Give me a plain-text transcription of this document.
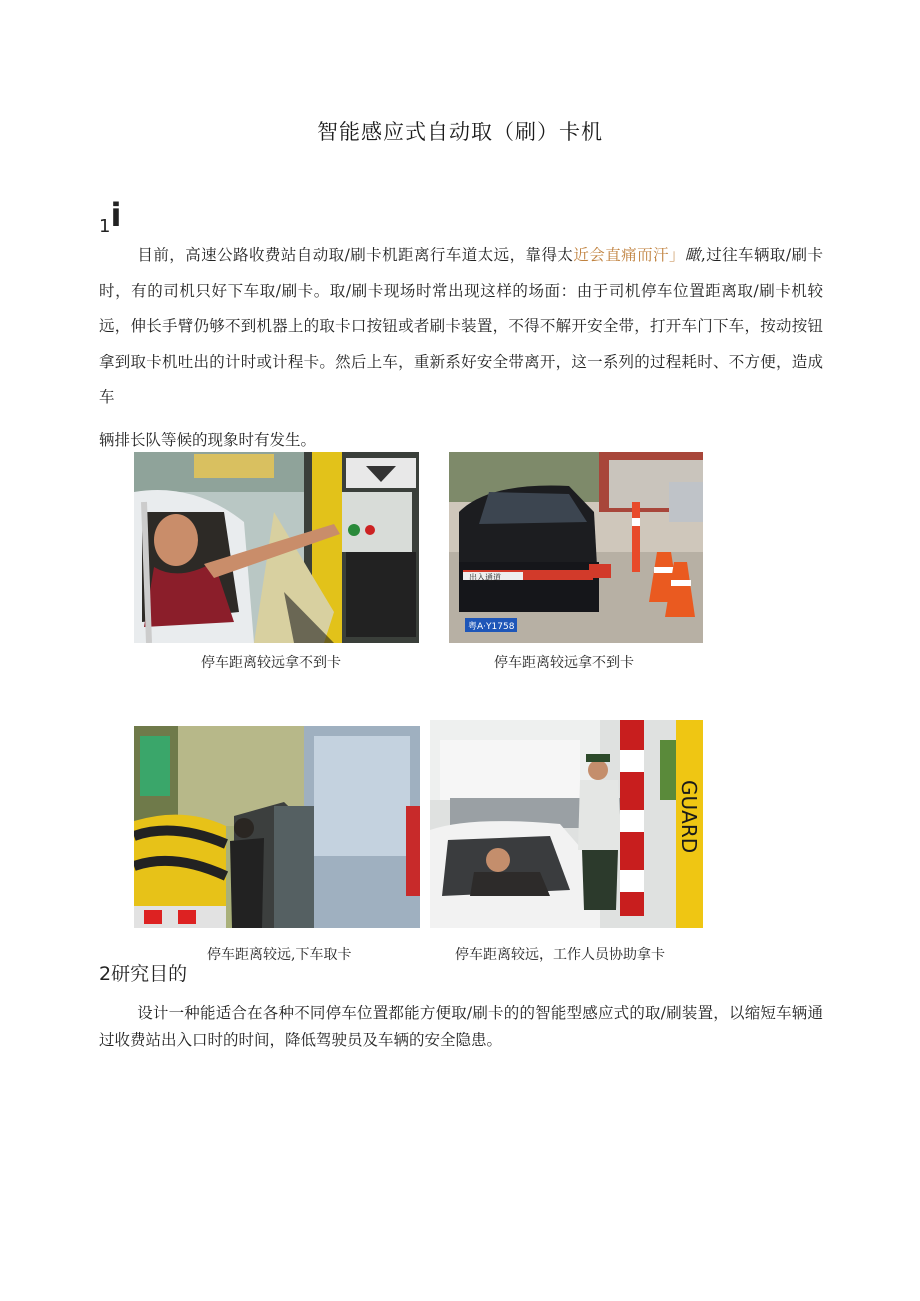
智能感应式自动取（刷）卡机
1i
目前，高速公路收费站自动取/刷卡机距离行车道太远，靠得太近会直痛而汗」瞰,过往车辆取/刷卡时，有的司机只好下车取/刷卡。取/刷卡现场时常出现这样的场面：由于司机停车位置距离取/刷卡机较远，伸长手臂仍够不到机器上的取卡口按钮或者刷卡装置，不得不解开安全带，打开车门下车，按动按钮拿到取卡机吐出的计时或计程卡。然后上车，重新系好安全带离开，这一系列的过程耗时、不方便，造成车
辆排长队等候的现象时有发生。
停车距离较远拿不到卡
出入通道
粤A·Y1758
停车距离较远拿不到卡
停车距离较远,下车取卡
GUARD
停车距离较远，工作人员协助拿卡
2研究目的
设计一种能适合在各种不同停车位置都能方便取/刷卡的的智能型感应式的取/刷装置，以缩短车辆通过收费站出入口时的时间，降低驾驶员及车辆的安全隐患。
